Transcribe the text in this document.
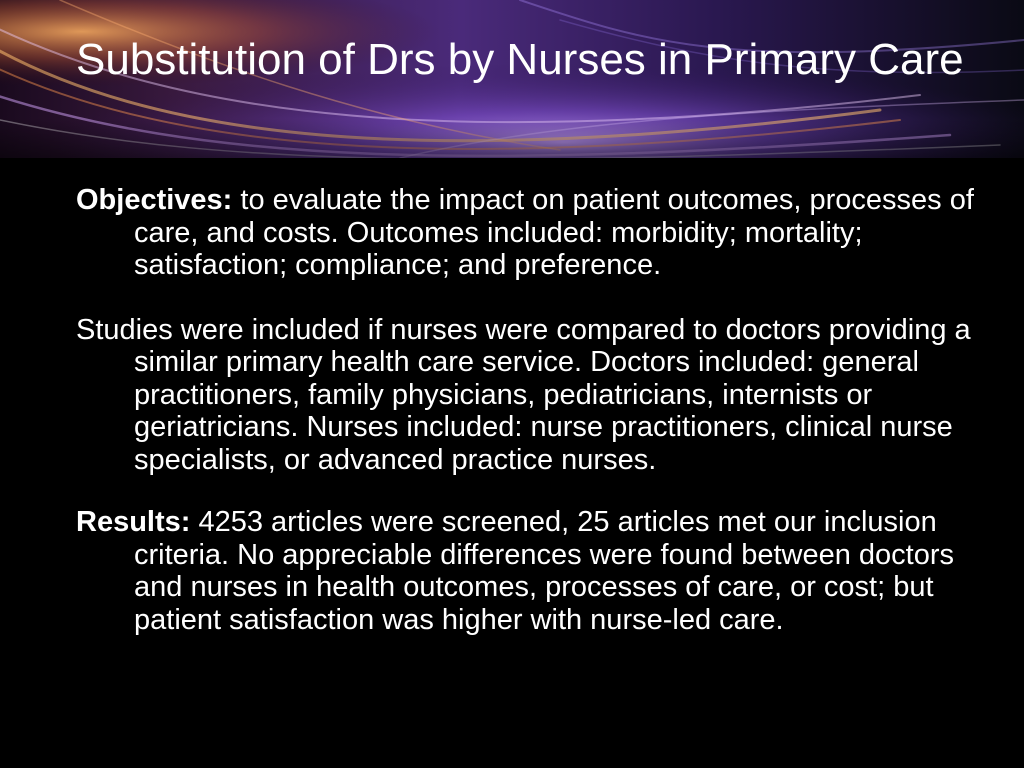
Substitution of Drs by Nurses in Primary Care

Objectives: to evaluate the impact on patient outcomes, processes of care, and costs. Outcomes included: morbidity; mortality; satisfaction; compliance; and preference.

Studies were included if nurses were compared to doctors providing a similar primary health care service. Doctors included: general practitioners, family physicians, pediatricians, internists or geriatricians. Nurses included: nurse practitioners, clinical nurse specialists, or advanced practice nurses.

Results: 4253 articles were screened, 25 articles met our inclusion criteria. No appreciable differences were found between doctors and nurses in health outcomes, processes of care, or cost; but patient satisfaction was higher with nurse-led care.
